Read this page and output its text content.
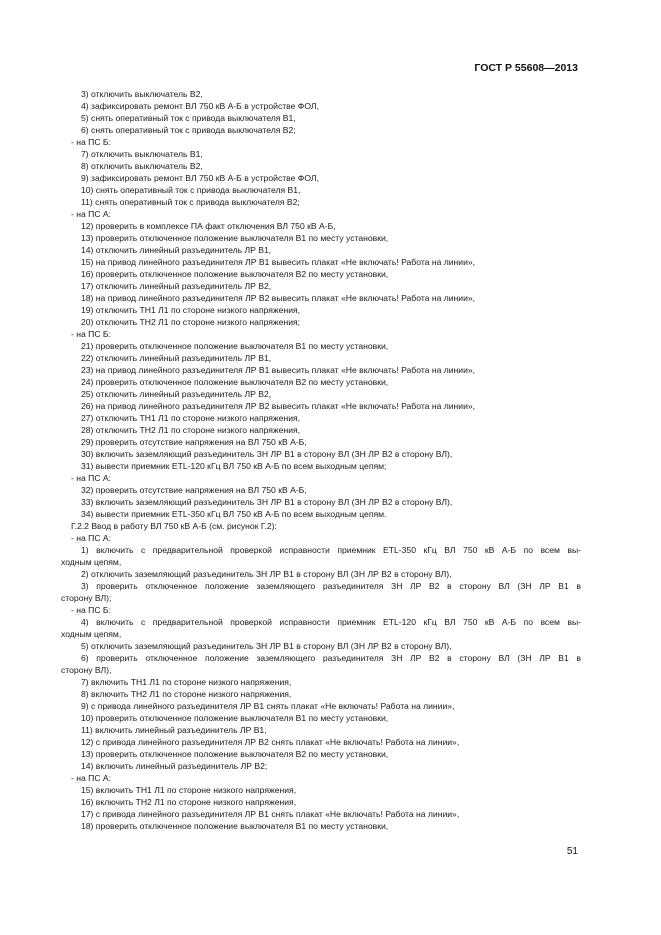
ГОСТ Р 55608—2013
3) отключить выключатель В2,
4) зафиксировать ремонт ВЛ 750 кВ А-Б в устройстве ФОЛ,
5) снять оперативный ток с привода выключателя В1,
6) снять оперативный ток с привода выключателя В2;
- на ПС Б:
7) отключить выключатель В1,
8) отключить выключатель В2,
9) зафиксировать ремонт ВЛ 750 кВ А-Б в устройстве ФОЛ,
10) снять оперативный ток с привода выключателя В1,
11) снять оперативный ток с привода выключателя В2;
- на ПС А:
12) проверить в комплексе ПА факт отключения ВЛ 750 кВ А-Б,
13) проверить отключенное положение выключателя В1 по месту установки,
14) отключить линейный разъединитель ЛР В1,
15) на привод линейного разъединителя ЛР В1 вывесить плакат «Не включать! Работа на линии»,
16) проверить отключенное положение выключателя В2 по месту установки,
17) отключить линейный разъединитель ЛР В2,
18) на привод линейного разъединителя ЛР В2 вывесить плакат «Не включать! Работа на линии»,
19) отключить ТН1 Л1 по стороне низкого напряжения,
20) отключить ТН2 Л1 по стороне низкого напряжения;
- на ПС Б:
21) проверить отключенное положение выключателя В1 по месту установки,
22) отключить линейный разъединитель ЛР В1,
23) на привод линейного разъединителя ЛР В1 вывесить плакат «Не включать! Работа на линии»,
24) проверить отключенное положение выключателя В2 по месту установки,
25) отключить линейный разъединитель ЛР В2,
26) на привод линейного разъединителя ЛР В2 вывесить плакат «Не включать! Работа на линии»,
27) отключить ТН1 Л1 по стороне низкого напряжения,
28) отключить ТН2 Л1 по стороне низкого напряжения,
29) проверить отсутствие напряжения на ВЛ 750 кВ А-Б,
30) включить заземляющий разъединитель ЗН ЛР В1 в сторону ВЛ (ЗН ЛР В2 в сторону ВЛ),
31) вывести приемник ETL-120 кГц ВЛ 750 кВ А-Б по всем выходным цепям;
- на ПС А:
32) проверить отсутствие напряжения на ВЛ 750 кВ А-Б,
33) включить заземляющий разъединитель ЗН ЛР В1 в сторону ВЛ (ЗН ЛР В2 в сторону ВЛ),
34) вывести приемник ETL-350 кГц ВЛ 750 кВ А-Б по всем выходным цепям.
Г.2.2 Ввод в работу ВЛ 750 кВ А-Б (см. рисунок Г.2):
- на ПС А:
1) включить с предварительной проверкой исправности приемник ETL-350 кГц ВЛ 750 кВ А-Б по всем вы-
ходным цепям,
2) отключить заземляющий разъединитель ЗН ЛР В1 в сторону ВЛ (ЗН ЛР В2 в сторону ВЛ),
3) проверить отключенное положение заземляющего разъединителя ЗН ЛР В2 в сторону ВЛ (ЗН ЛР В1 в
сторону ВЛ);
- на ПС Б:
4) включить с предварительной проверкой исправности приемник ETL-120 кГц ВЛ 750 кВ А-Б по всем вы-
ходным цепям,
5) отключить заземляющий разъединитель ЗН ЛР В1 в сторону ВЛ (ЗН ЛР В2 в сторону ВЛ),
6) проверить отключенное положение заземляющего разъединителя ЗН ЛР В2 в сторону ВЛ (ЗН ЛР В1 в
сторону ВЛ),
7) включить ТН1 Л1 по стороне низкого напряжения,
8) включить ТН2 Л1 по стороне низкого напряжения,
9) с привода линейного разъединителя ЛР В1 снять плакат «Не включать! Работа на линии»,
10) проверить отключенное положение выключателя В1 по месту установки,
11) включить линейный разъединитель ЛР В1,
12) с привода линейного разъединителя ЛР В2 снять плакат «Не включать! Работа на линии»,
13) проверить отключенное положение выключателя В2 по месту установки,
14) включить линейный разъединитель ЛР В2;
- на ПС А:
15) включить ТН1 Л1 по стороне низкого напряжения,
16) включить ТН2 Л1 по стороне низкого напряжения,
17) с привода линейного разъединителя ЛР В1 снять плакат «Не включать! Работа на линии»,
18) проверить отключенное положение выключателя В1 по месту установки,
51
